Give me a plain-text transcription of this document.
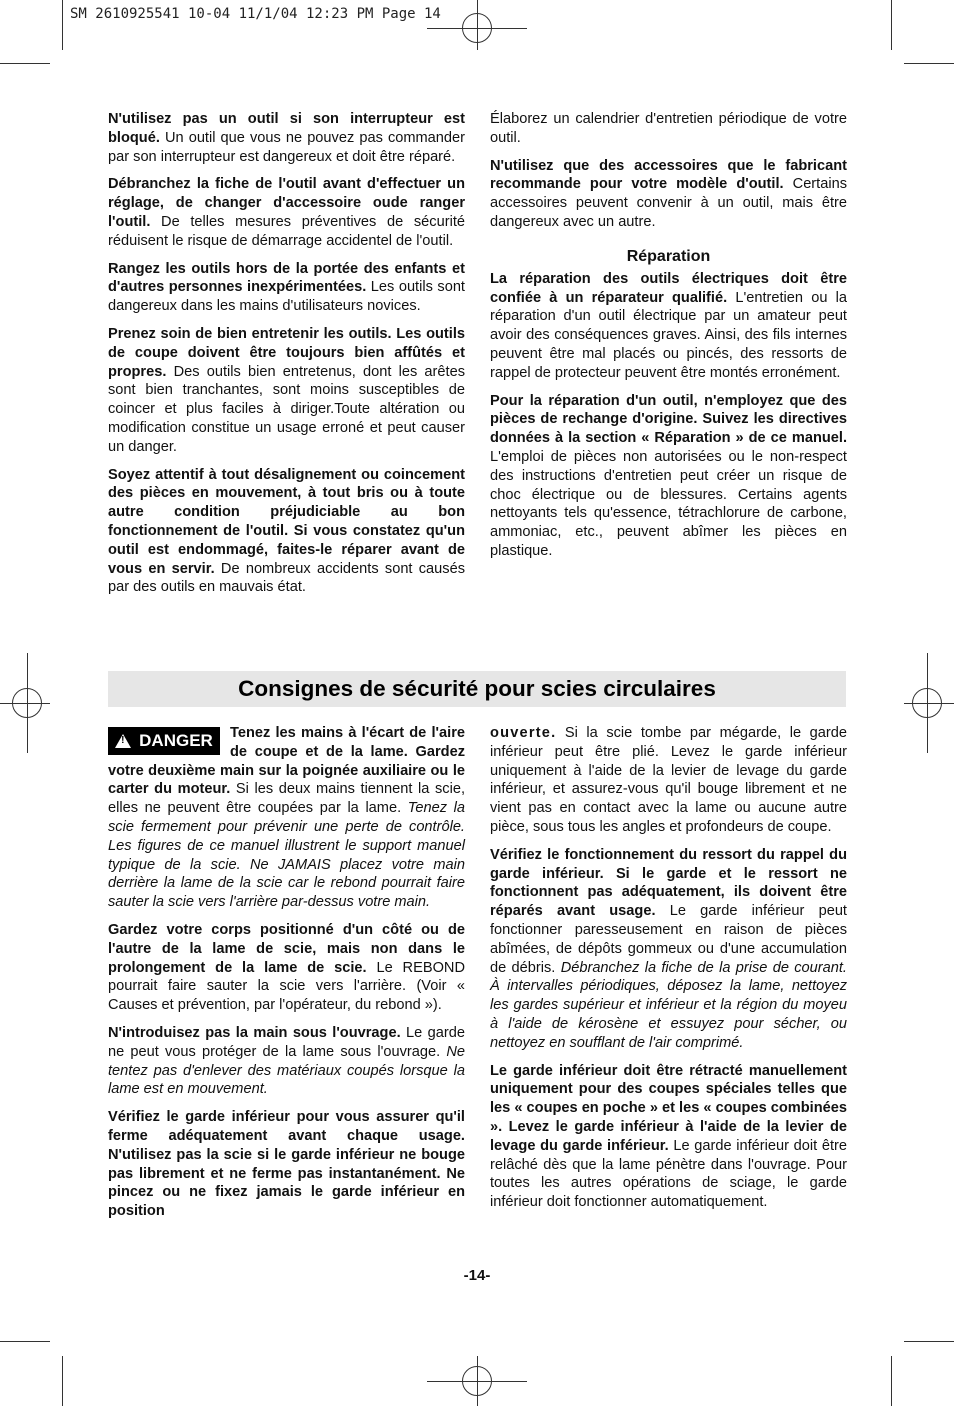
SM 2610925541 10-04 11/1/04 12:23 PM Page 14

N'utilisez pas un outil si son interrupteur est bloqué. Un outil que vous ne pouvez pas commander par son interrupteur est dangereux et doit être réparé.

Débranchez la fiche de l'outil avant d'effectuer un réglage, de changer d'accessoire oude ranger l'outil. De telles mesures préventives de sécurité réduisent le risque de démarrage accidentel de l'outil.

Rangez les outils hors de la portée des enfants et d'autres personnes inexpérimentées. Les outils sont dangereux dans les mains d'utilisateurs novices.

Prenez soin de bien entretenir les outils. Les outils de coupe doivent être toujours bien affûtés et propres. Des outils bien entretenus, dont les arêtes sont bien tranchantes, sont moins susceptibles de coincer et plus faciles à diriger.Toute altération ou modification constitue un usage erroné et peut causer un danger.

Soyez attentif à tout désalignement ou coincement des pièces en mouvement, à tout bris ou à toute autre condition préjudiciable au bon fonctionnement de l'outil. Si vous constatez qu'un outil est endommagé, faites-le réparer avant de vous en servir. De nombreux accidents sont causés par des outils en mauvais état.

Élaborez un calendrier d'entretien périodique de votre outil.

N'utilisez que des accessoires que le fabricant recommande pour votre modèle d'outil. Certains accessoires peuvent convenir à un outil, mais être dangereux avec un autre.

Réparation

La réparation des outils électriques doit être confiée à un réparateur qualifié. L'entretien ou la réparation d'un outil électrique par un amateur peut avoir des conséquences graves. Ainsi, des fils internes peuvent être mal placés ou pincés, des ressorts de rappel de protecteur peuvent être montés erronément.

Pour la réparation d'un outil, n'employez que des pièces de rechange d'origine. Suivez les directives données à la section « Réparation » de ce manuel. L'emploi de pièces non autorisées ou le non-respect des instructions d'entretien peut créer un risque de choc électrique ou de blessures. Certains agents nettoyants tels qu'essence, tétrachlorure de carbone, ammoniac, etc., peuvent abîmer les pièces en plastique.

Consignes de sécurité pour scies circulaires
! DANGER	Tenez les mains à l'écart de l'aire de coupe et de la lame. Gardez votre deuxième main sur la poignée auxiliaire ou le carter du moteur. Si les deux mains tiennent la scie, elles ne peuvent être coupées par la lame. Tenez la scie fermement pour prévenir une perte de contrôle. Les figures de ce manuel illustrent le support manuel typique de la scie. Ne JAMAIS placez votre main derrière la lame de la scie car le rebond pourrait faire sauter la scie vers l'arrière par-dessus votre main.

Gardez votre corps positionné d'un côté ou de l'autre de la lame de scie, mais non dans le prolongement de la lame de scie. Le REBOND pourrait faire sauter la scie vers l'arrière. (Voir « Causes et prévention, par l'opérateur, du rebond »).

N'introduisez pas la main sous l'ouvrage. Le garde ne peut vous protéger de la lame sous l'ouvrage. Ne tentez pas d'enlever des matériaux coupés lorsque la lame est en mouvement.

Vérifiez le garde inférieur pour vous assurer qu'il ferme adéquatement avant chaque usage. N'utilisez pas la scie si le garde inférieur ne bouge pas librement et ne ferme pas instantanément. Ne pincez ou ne fixez jamais le garde inférieur en position

ouverte. Si la scie tombe par mégarde, le garde inférieur peut être plié. Levez le garde inférieur uniquement à l'aide de la levier de levage du garde inférieur, et assurez-vous qu'il bouge librement et ne vient pas en contact avec la lame ou aucune autre pièce, sous tous les angles et profondeurs de coupe.

Vérifiez le fonctionnement du ressort du rappel du garde inférieur. Si le garde et le ressort ne fonctionnent pas adéquatement, ils doivent être réparés avant usage. Le garde inférieur peut fonctionner paresseusement en raison de pièces abîmées, de dépôts gommeux ou d'une accumulation de débris. Débranchez la fiche de la prise de courant. À intervalles périodiques, déposez la lame, nettoyez les gardes supérieur et inférieur et la région du moyeu à l'aide de kérosène et essuyez pour sécher, ou nettoyez en soufflant de l'air comprimé.

Le garde inférieur doit être rétracté manuellement uniquement pour des coupes spéciales telles que les « coupes en poche » et les « coupes combinées ». Levez le garde inférieur à l'aide de la levier de levage du garde inférieur. Le garde inférieur doit être relâché dès que la lame pénètre dans l'ouvrage. Pour toutes les autres opérations de sciage, le garde inférieur doit fonctionner automatiquement.

-14-
